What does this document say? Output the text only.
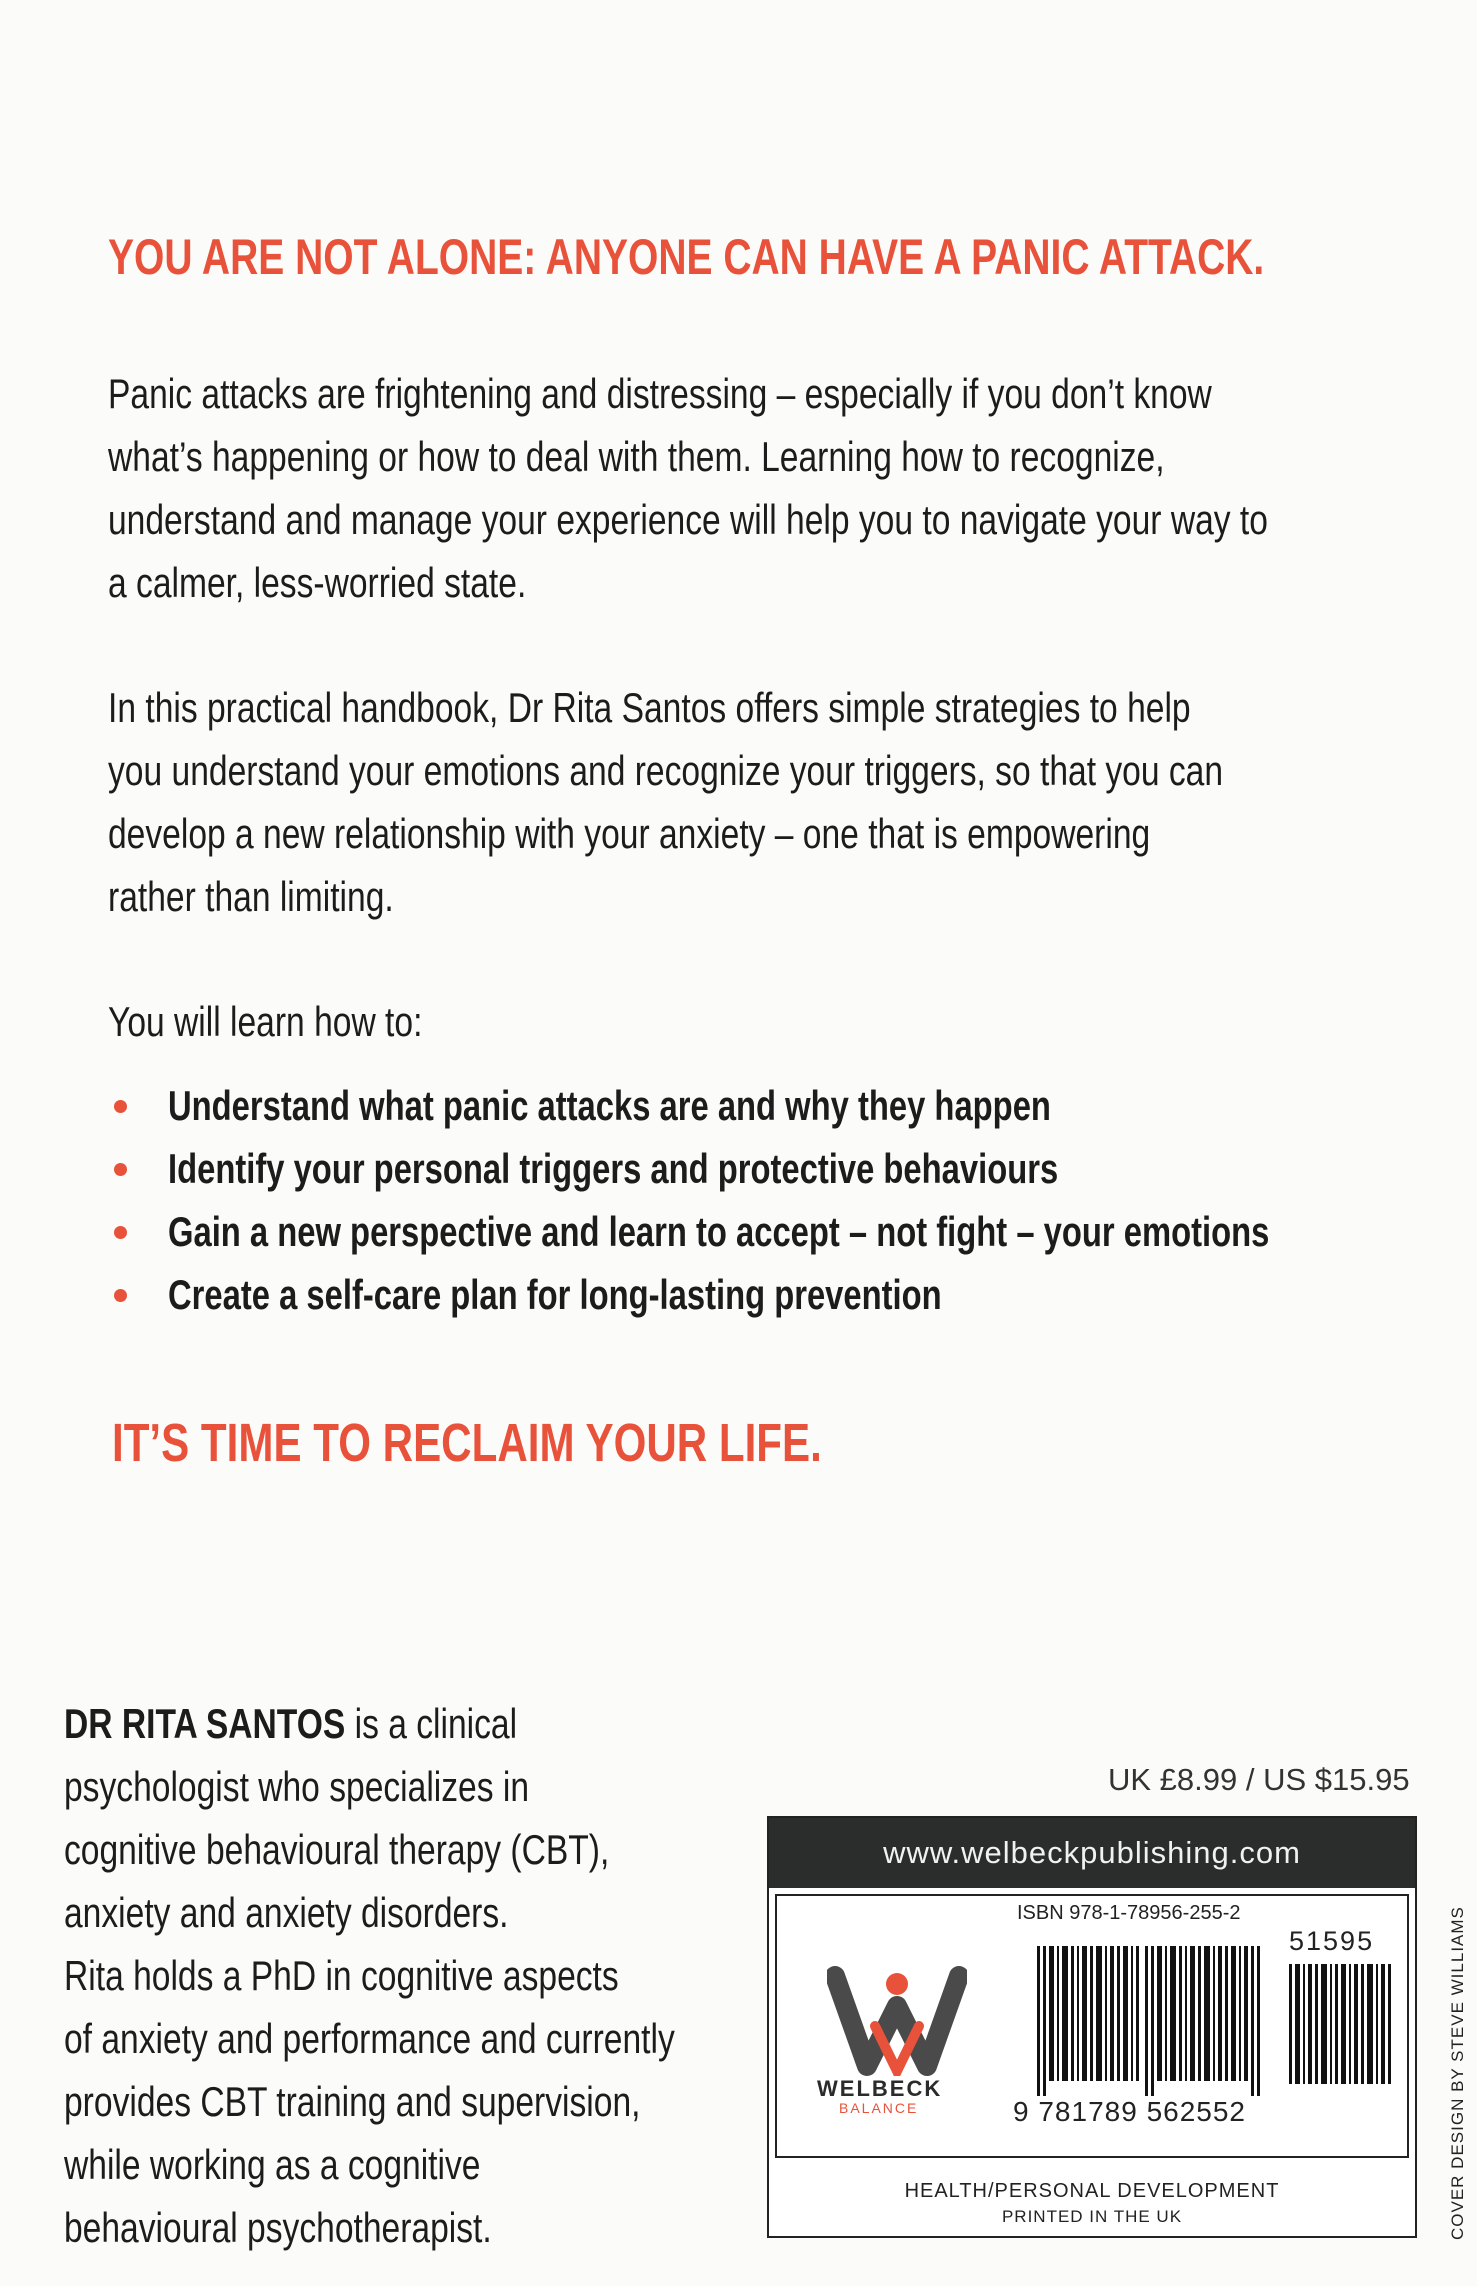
YOU ARE NOT ALONE: ANYONE CAN HAVE A PANIC ATTACK.
Panic attacks are frightening and distressing – especially if you don’t know
what’s happening or how to deal with them. Learning how to recognize,
understand and manage your experience will help you to navigate your way to
a calmer, less-worried state.
In this practical handbook, Dr Rita Santos offers simple strategies to help
you understand your emotions and recognize your triggers, so that you can
develop a new relationship with your anxiety – one that is empowering
rather than limiting.
You will learn how to:
Understand what panic attacks are and why they happen
Identify your personal triggers and protective behaviours
Gain a new perspective and learn to accept – not fight – your emotions
Create a self-care plan for long-lasting prevention
IT’S TIME TO RECLAIM YOUR LIFE.
DR RITA SANTOS is a clinical
psychologist who specializes in
cognitive behavioural therapy (CBT),
anxiety and anxiety disorders.
Rita holds a PhD in cognitive aspects
of anxiety and performance and currently
provides CBT training and supervision,
while working as a cognitive
behavioural psychotherapist.
UK £8.99 / US $15.95
www.welbeckpublishing.com
WELBECK
BALANCE
ISBN 978-1-78956-255-2
51595
9 781789 562552
HEALTH/PERSONAL DEVELOPMENT
PRINTED IN THE UK	COVER DESIGN BY STEVE WILLIAMS
